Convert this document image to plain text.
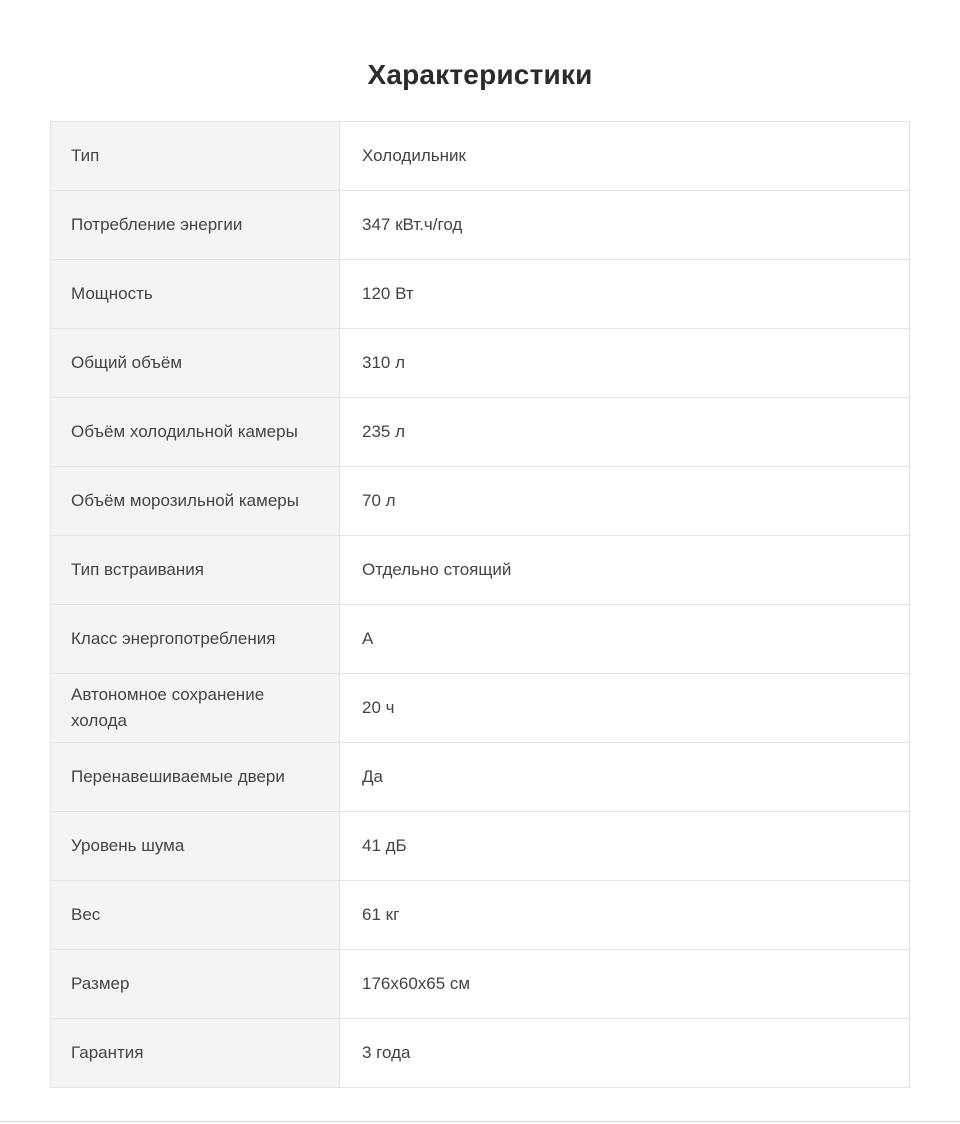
Характеристики
Тип	Холодильник
Потребление энергии	347 кВт.ч/год
Мощность	120 Вт
Общий объём	310 л
Объём холодильной камеры	235 л
Объём морозильной камеры	70 л
Тип встраивания	Отдельно стоящий
Класс энергопотребления	A
Автономное сохранение холода	20 ч
Перенавешиваемые двери	Да
Уровень шума	41 дБ
Вес	61 кг
Размер	176х60х65 см
Гарантия	3 года
